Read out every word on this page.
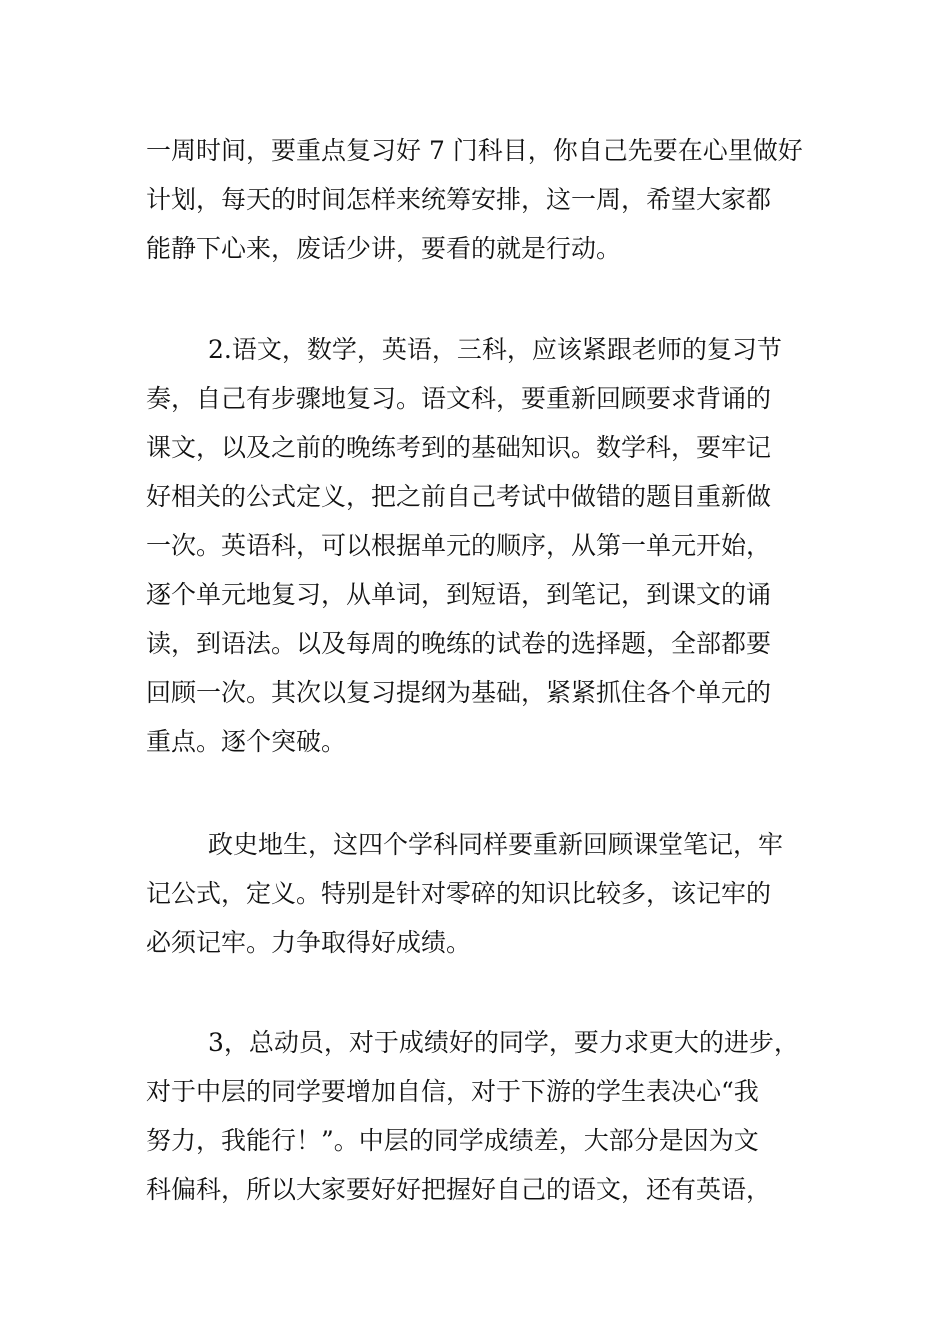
一周时间，要重点复习好 7 门科目，你自己先要在心里做好
计划，每天的时间怎样来统筹安排，这一周，希望大家都
能静下心来，废话少讲，要看的就是行动。
2.语文，数学，英语，三科，应该紧跟老师的复习节
奏，自己有步骤地复习。语文科，要重新回顾要求背诵的
课文，以及之前的晚练考到的基础知识。数学科，要牢记
好相关的公式定义，把之前自己考试中做错的题目重新做
一次。英语科，可以根据单元的顺序，从第一单元开始，
逐个单元地复习，从单词，到短语，到笔记，到课文的诵
读，到语法。以及每周的晚练的试卷的选择题，全部都要
回顾一次。其次以复习提纲为基础，紧紧抓住各个单元的
重点。逐个突破。
政史地生，这四个学科同样要重新回顾课堂笔记，牢
记公式，定义。特别是针对零碎的知识比较多，该记牢的
必须记牢。力争取得好成绩。
3，总动员，对于成绩好的同学，要力求更大的进步，
对于中层的同学要增加自信，对于下游的学生表决心“我
努力，我能行！”。中层的同学成绩差，大部分是因为文
科偏科，所以大家要好好把握好自己的语文，还有英语，
